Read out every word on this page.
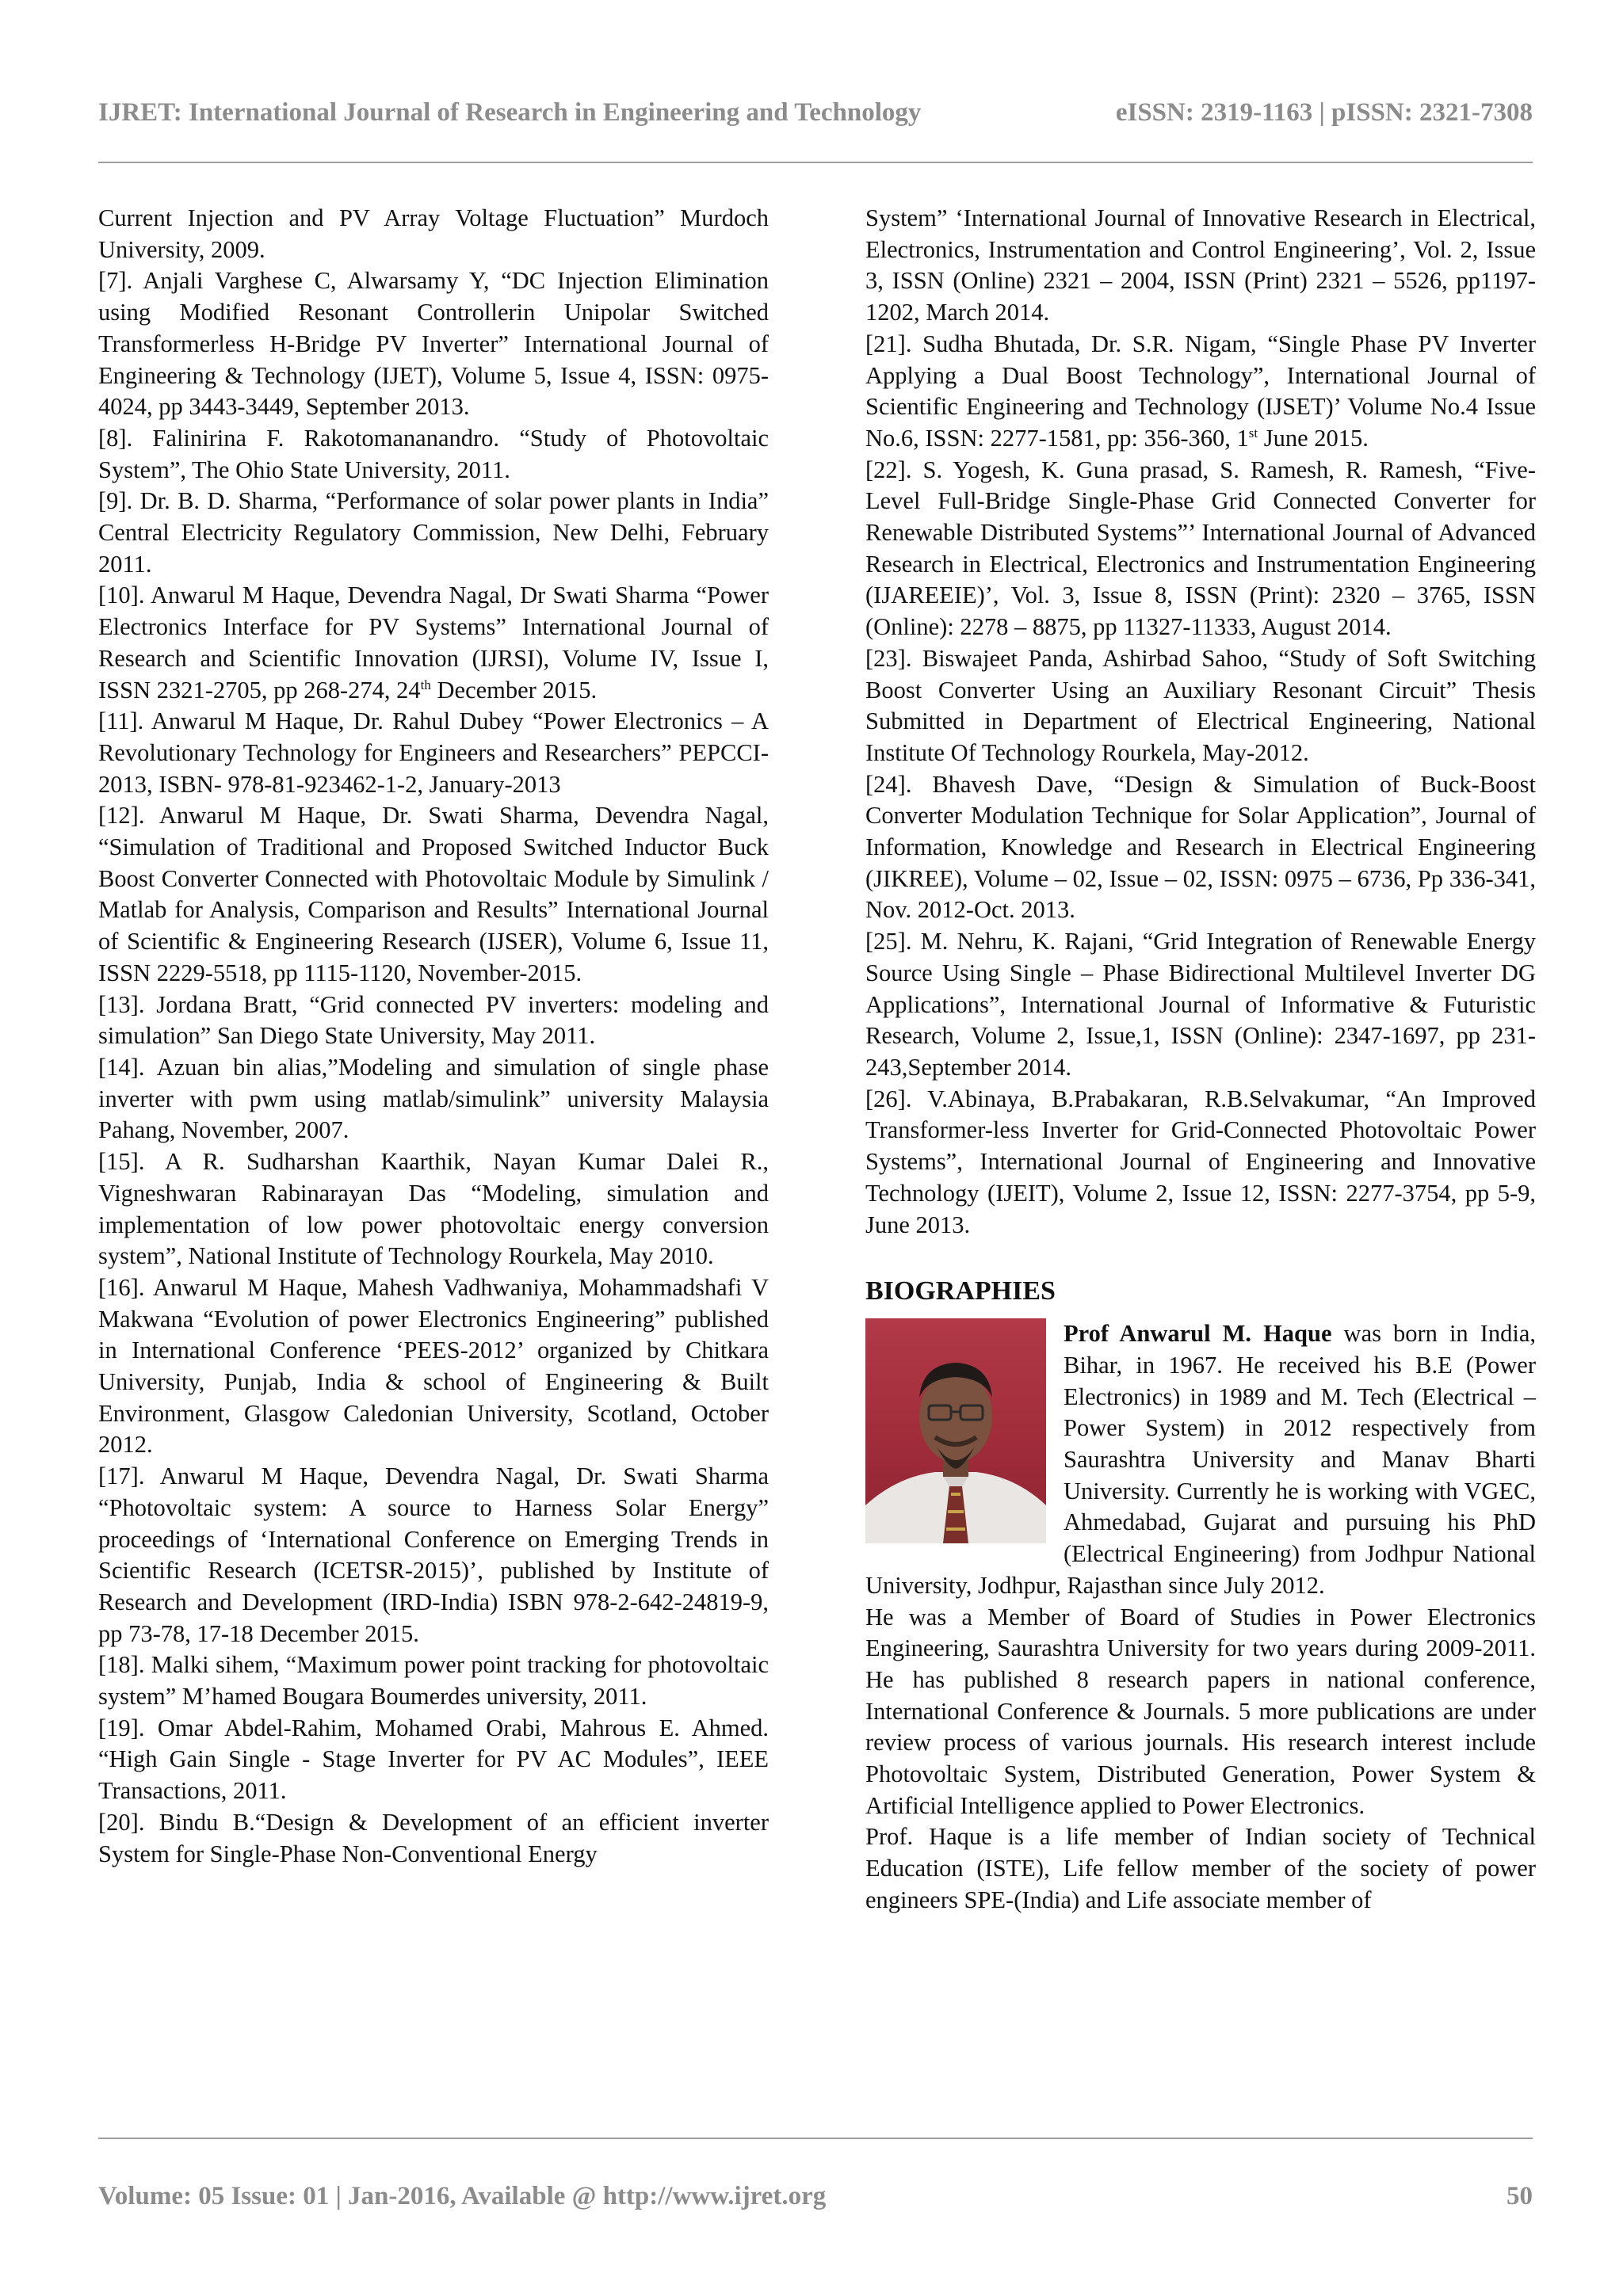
IJRET: International Journal of Research in Engineering and Technology	eISSN: 2319-1163 | pISSN: 2321-7308

Current Injection and PV Array Voltage Fluctuation” Murdoch University, 2009.

[7]. Anjali Varghese C, Alwarsamy Y, “DC Injection Elimination using Modified Resonant Controllerin Unipolar Switched Transformerless H-Bridge PV Inverter” International Journal of Engineering & Technology (IJET), Volume 5, Issue 4, ISSN: 0975-4024, pp 3443-3449, September 2013.

[8]. Falinirina F. Rakotomananandro. “Study of Photovoltaic System”, The Ohio State University, 2011.

[9]. Dr. B. D. Sharma, “Performance of solar power plants in India” Central Electricity Regulatory Commission, New Delhi, February 2011.

[10]. Anwarul M Haque, Devendra Nagal, Dr Swati Sharma “Power Electronics Interface for PV Systems” International Journal of Research and Scientific Innovation (IJRSI), Volume IV, Issue I, ISSN 2321-2705, pp 268-274, 24th December 2015.

[11]. Anwarul M Haque, Dr. Rahul Dubey “Power Electronics – A Revolutionary Technology for Engineers and Researchers” PEPCCI-2013, ISBN- 978-81-923462-1-2, January-2013

[12]. Anwarul M Haque, Dr. Swati Sharma, Devendra Nagal, “Simulation of Traditional and Proposed Switched Inductor Buck Boost Converter Connected with Photovoltaic Module by Simulink / Matlab for Analysis, Comparison and Results” International Journal of Scientific & Engineering Research (IJSER), Volume 6, Issue 11, ISSN 2229-5518, pp 1115-1120, November-2015.

[13]. Jordana Bratt, “Grid connected PV inverters: modeling and simulation” San Diego State University, May 2011.

[14]. Azuan bin alias,”Modeling and simulation of single phase inverter with pwm using matlab/simulink” university Malaysia Pahang, November, 2007.

[15]. A R. Sudharshan Kaarthik, Nayan Kumar Dalei R., Vigneshwaran Rabinarayan Das “Modeling, simulation and implementation of low power photovoltaic energy conversion system”, National Institute of Technology Rourkela, May 2010.

[16]. Anwarul M Haque, Mahesh Vadhwaniya, Mohammadshafi V Makwana “Evolution of power Electronics Engineering” published in International Conference ‘PEES-2012’ organized by Chitkara University, Punjab, India & school of Engineering & Built Environment, Glasgow Caledonian University, Scotland, October 2012.

[17]. Anwarul M Haque, Devendra Nagal, Dr. Swati Sharma “Photovoltaic system: A source to Harness Solar Energy” proceedings of ‘International Conference on Emerging Trends in Scientific Research (ICETSR-2015)’, published by Institute of Research and Development (IRD-India) ISBN 978-2-642-24819-9, pp 73-78, 17-18 December 2015.

[18]. Malki sihem, “Maximum power point tracking for photovoltaic system” M’hamed Bougara Boumerdes university, 2011.

[19]. Omar Abdel-Rahim, Mohamed Orabi, Mahrous E. Ahmed. “High Gain Single - Stage Inverter for PV AC Modules”, IEEE Transactions, 2011.

[20]. Bindu B.“Design & Development of an efficient inverter System for Single-Phase Non-Conventional Energy

System” ‘International Journal of Innovative Research in Electrical, Electronics, Instrumentation and Control Engineering’, Vol. 2, Issue 3, ISSN (Online) 2321 – 2004, ISSN (Print) 2321 – 5526, pp1197-1202, March 2014.

[21]. Sudha Bhutada, Dr. S.R. Nigam, “Single Phase PV Inverter Applying a Dual Boost Technology”, International Journal of Scientific Engineering and Technology (IJSET)’ Volume No.4 Issue No.6, ISSN: 2277-1581, pp: 356-360, 1st June 2015.

[22]. S. Yogesh, K. Guna prasad, S. Ramesh, R. Ramesh, “Five-Level Full-Bridge Single-Phase Grid Connected Converter for Renewable Distributed Systems”’ International Journal of Advanced Research in Electrical, Electronics and Instrumentation Engineering (IJAREEIE)’, Vol. 3, Issue 8, ISSN (Print): 2320 – 3765, ISSN (Online): 2278 – 8875, pp 11327-11333, August 2014.

[23]. Biswajeet Panda, Ashirbad Sahoo, “Study of Soft Switching Boost Converter Using an Auxiliary Resonant Circuit” Thesis Submitted in Department of Electrical Engineering, National Institute Of Technology Rourkela, May-2012.

[24]. Bhavesh Dave, “Design & Simulation of Buck-Boost Converter Modulation Technique for Solar Application”, Journal of Information, Knowledge and Research in Electrical Engineering (JIKREE), Volume – 02, Issue – 02, ISSN: 0975 – 6736, Pp 336-341, Nov. 2012-Oct. 2013.

[25]. M. Nehru, K. Rajani, “Grid Integration of Renewable Energy Source Using Single – Phase Bidirectional Multilevel Inverter DG Applications”, International Journal of Informative & Futuristic Research, Volume 2, Issue,1, ISSN (Online): 2347-1697, pp 231-243,September 2014.

[26]. V.Abinaya, B.Prabakaran, R.B.Selvakumar, “An Improved Transformer-less Inverter for Grid-Connected Photovoltaic Power Systems”, International Journal of Engineering and Innovative Technology (IJEIT), Volume 2, Issue 12, ISSN: 2277-3754, pp 5-9, June 2013.

BIOGRAPHIES

Prof Anwarul M. Haque was born in India, Bihar, in 1967. He received his B.E (Power Electronics) in 1989 and M. Tech (Electrical – Power System) in 2012 respectively from Saurashtra University and Manav Bharti University. Currently he is working with VGEC, Ahmedabad, Gujarat and pursuing his PhD (Electrical Engineering) from Jodhpur National University, Jodhpur, Rajasthan since July 2012.

He was a Member of Board of Studies in Power Electronics Engineering, Saurashtra University for two years during 2009-2011. He has published 8 research papers in national conference, International Conference & Journals. 5 more publications are under review process of various journals. His research interest include Photovoltaic System, Distributed Generation, Power System & Artificial Intelligence applied to Power Electronics.

Prof. Haque is a life member of Indian society of Technical Education (ISTE), Life fellow member of the society of power engineers SPE-(India) and Life associate member of

Volume: 05 Issue: 01 | Jan-2016, Available @ http://www.ijret.org	50
